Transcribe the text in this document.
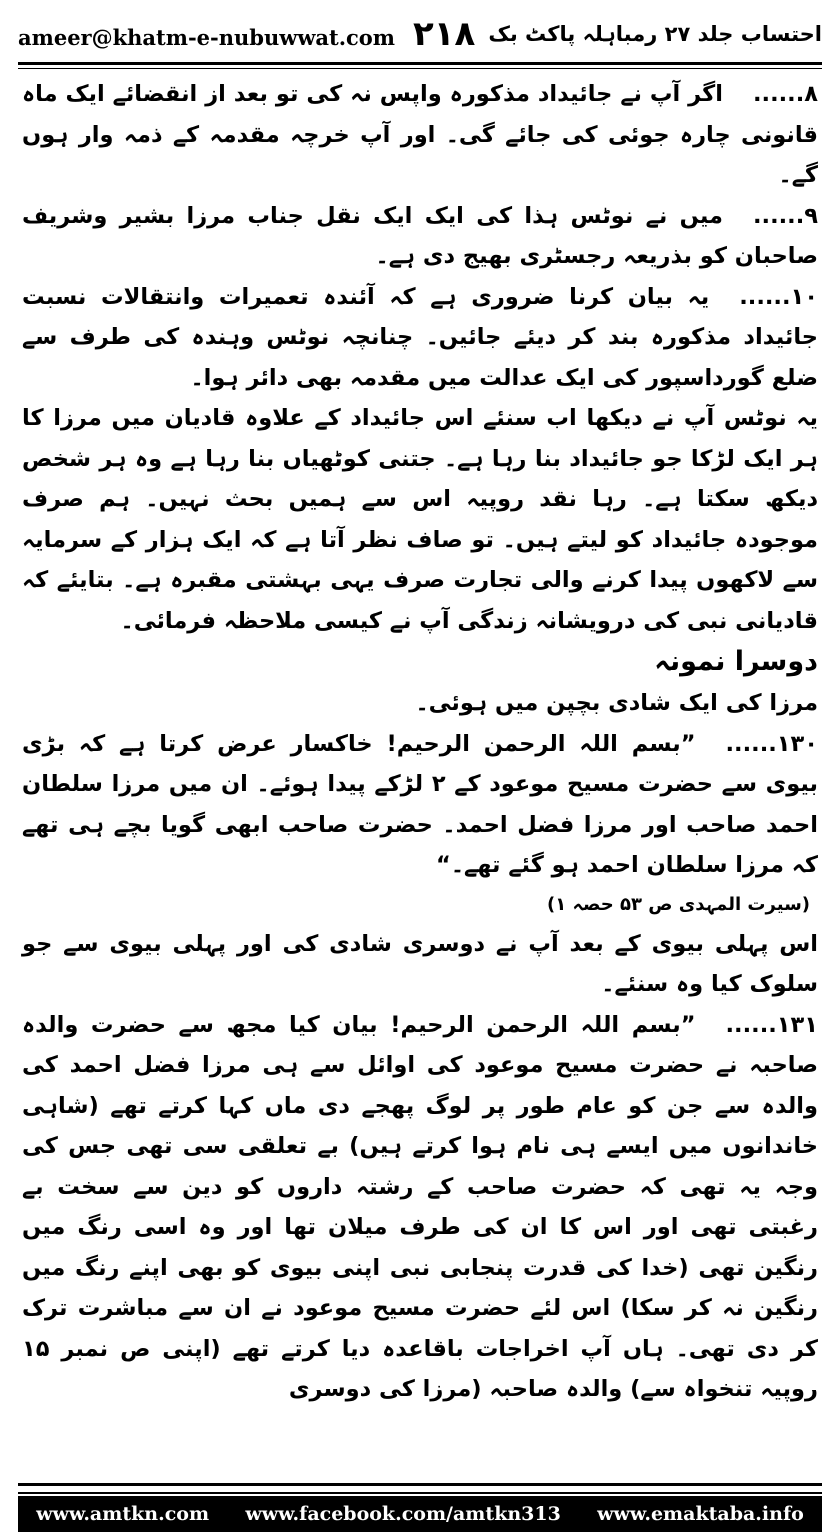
ameer@khatm-e-nubuwwat.com ۲۱۸ احتساب جلد ۲۷ رمباہلہ پاکٹ بک

۸......اگر آپ نے جائیداد مذکورہ واپس نہ کی تو بعد از انقضائے ایک ماہ قانونی چارہ جوئی کی جائے گی۔ اور آپ خرچہ مقدمہ کے ذمہ وار ہوں گے۔

۹......میں نے نوٹس ہذا کی ایک ایک نقل جناب مرزا بشیر وشریف صاحبان کو بذریعہ رجسٹری بھیج دی ہے۔

۱۰......یہ بیان کرنا ضروری ہے کہ آئندہ تعمیرات وانتقالات نسبت جائیداد مذکورہ بند کر دیئے جائیں۔ چنانچہ نوٹس وہندہ کی طرف سے ضلع گورداسپور کی ایک عدالت میں مقدمہ بھی دائر ہوا۔

یہ نوٹس آپ نے دیکھا اب سنئے اس جائیداد کے علاوہ قادیان میں مرزا کا ہر ایک لڑکا جو جائیداد بنا رہا ہے۔ جتنی کوٹھیاں بنا رہا ہے وہ ہر شخص دیکھ سکتا ہے۔ رہا نقد روپیہ اس سے ہمیں بحث نہیں۔ ہم صرف موجودہ جائیداد کو لیتے ہیں۔ تو صاف نظر آتا ہے کہ ایک ہزار کے سرمایہ سے لاکھوں پیدا کرنے والی تجارت صرف یہی بہشتی مقبرہ ہے۔ بتایئے کہ قادیانی نبی کی درویشانہ زندگی آپ نے کیسی ملاحظہ فرمائی۔

دوسرا نمونہ

مرزا کی ایک شادی بچپن میں ہوئی۔

۱۳۰......”بسم اللہ الرحمن الرحیم! خاکسار عرض کرتا ہے کہ بڑی بیوی سے حضرت مسیح موعود کے ۲ لڑکے پیدا ہوئے۔ ان میں مرزا سلطان احمد صاحب اور مرزا فضل احمد۔ حضرت صاحب ابھی گویا بچے ہی تھے کہ مرزا سلطان احمد ہو گئے تھے۔“

(سیرت المہدی ص ۵۳ حصہ ۱)

اس پہلی بیوی کے بعد آپ نے دوسری شادی کی اور پہلی بیوی سے جو سلوک کیا وہ سنئے۔

۱۳۱......”بسم اللہ الرحمن الرحیم! بیان کیا مجھ سے حضرت والدہ صاحبہ نے حضرت مسیح موعود کی اوائل سے ہی مرزا فضل احمد کی والدہ سے جن کو عام طور پر لوگ پھجے دی ماں کہا کرتے تھے (شاہی خاندانوں میں ایسے ہی نام ہوا کرتے ہیں) بے تعلقی سی تھی جس کی وجہ یہ تھی کہ حضرت صاحب کے رشتہ داروں کو دین سے سخت بے رغبتی تھی اور اس کا ان کی طرف میلان تھا اور وہ اسی رنگ میں رنگین تھی (خدا کی قدرت پنجابی نبی اپنی بیوی کو بھی اپنے رنگ میں رنگین نہ کر سکا) اس لئے حضرت مسیح موعود نے ان سے مباشرت ترک کر دی تھی۔ ہاں آپ اخراجات باقاعدہ دیا کرتے تھے (اپنی ص نمبر ۱۵ روپیہ تنخواہ سے) والدہ صاحبہ (مرزا کی دوسری

www.amtkn.com www.facebook.com/amtkn313 www.emaktaba.info
